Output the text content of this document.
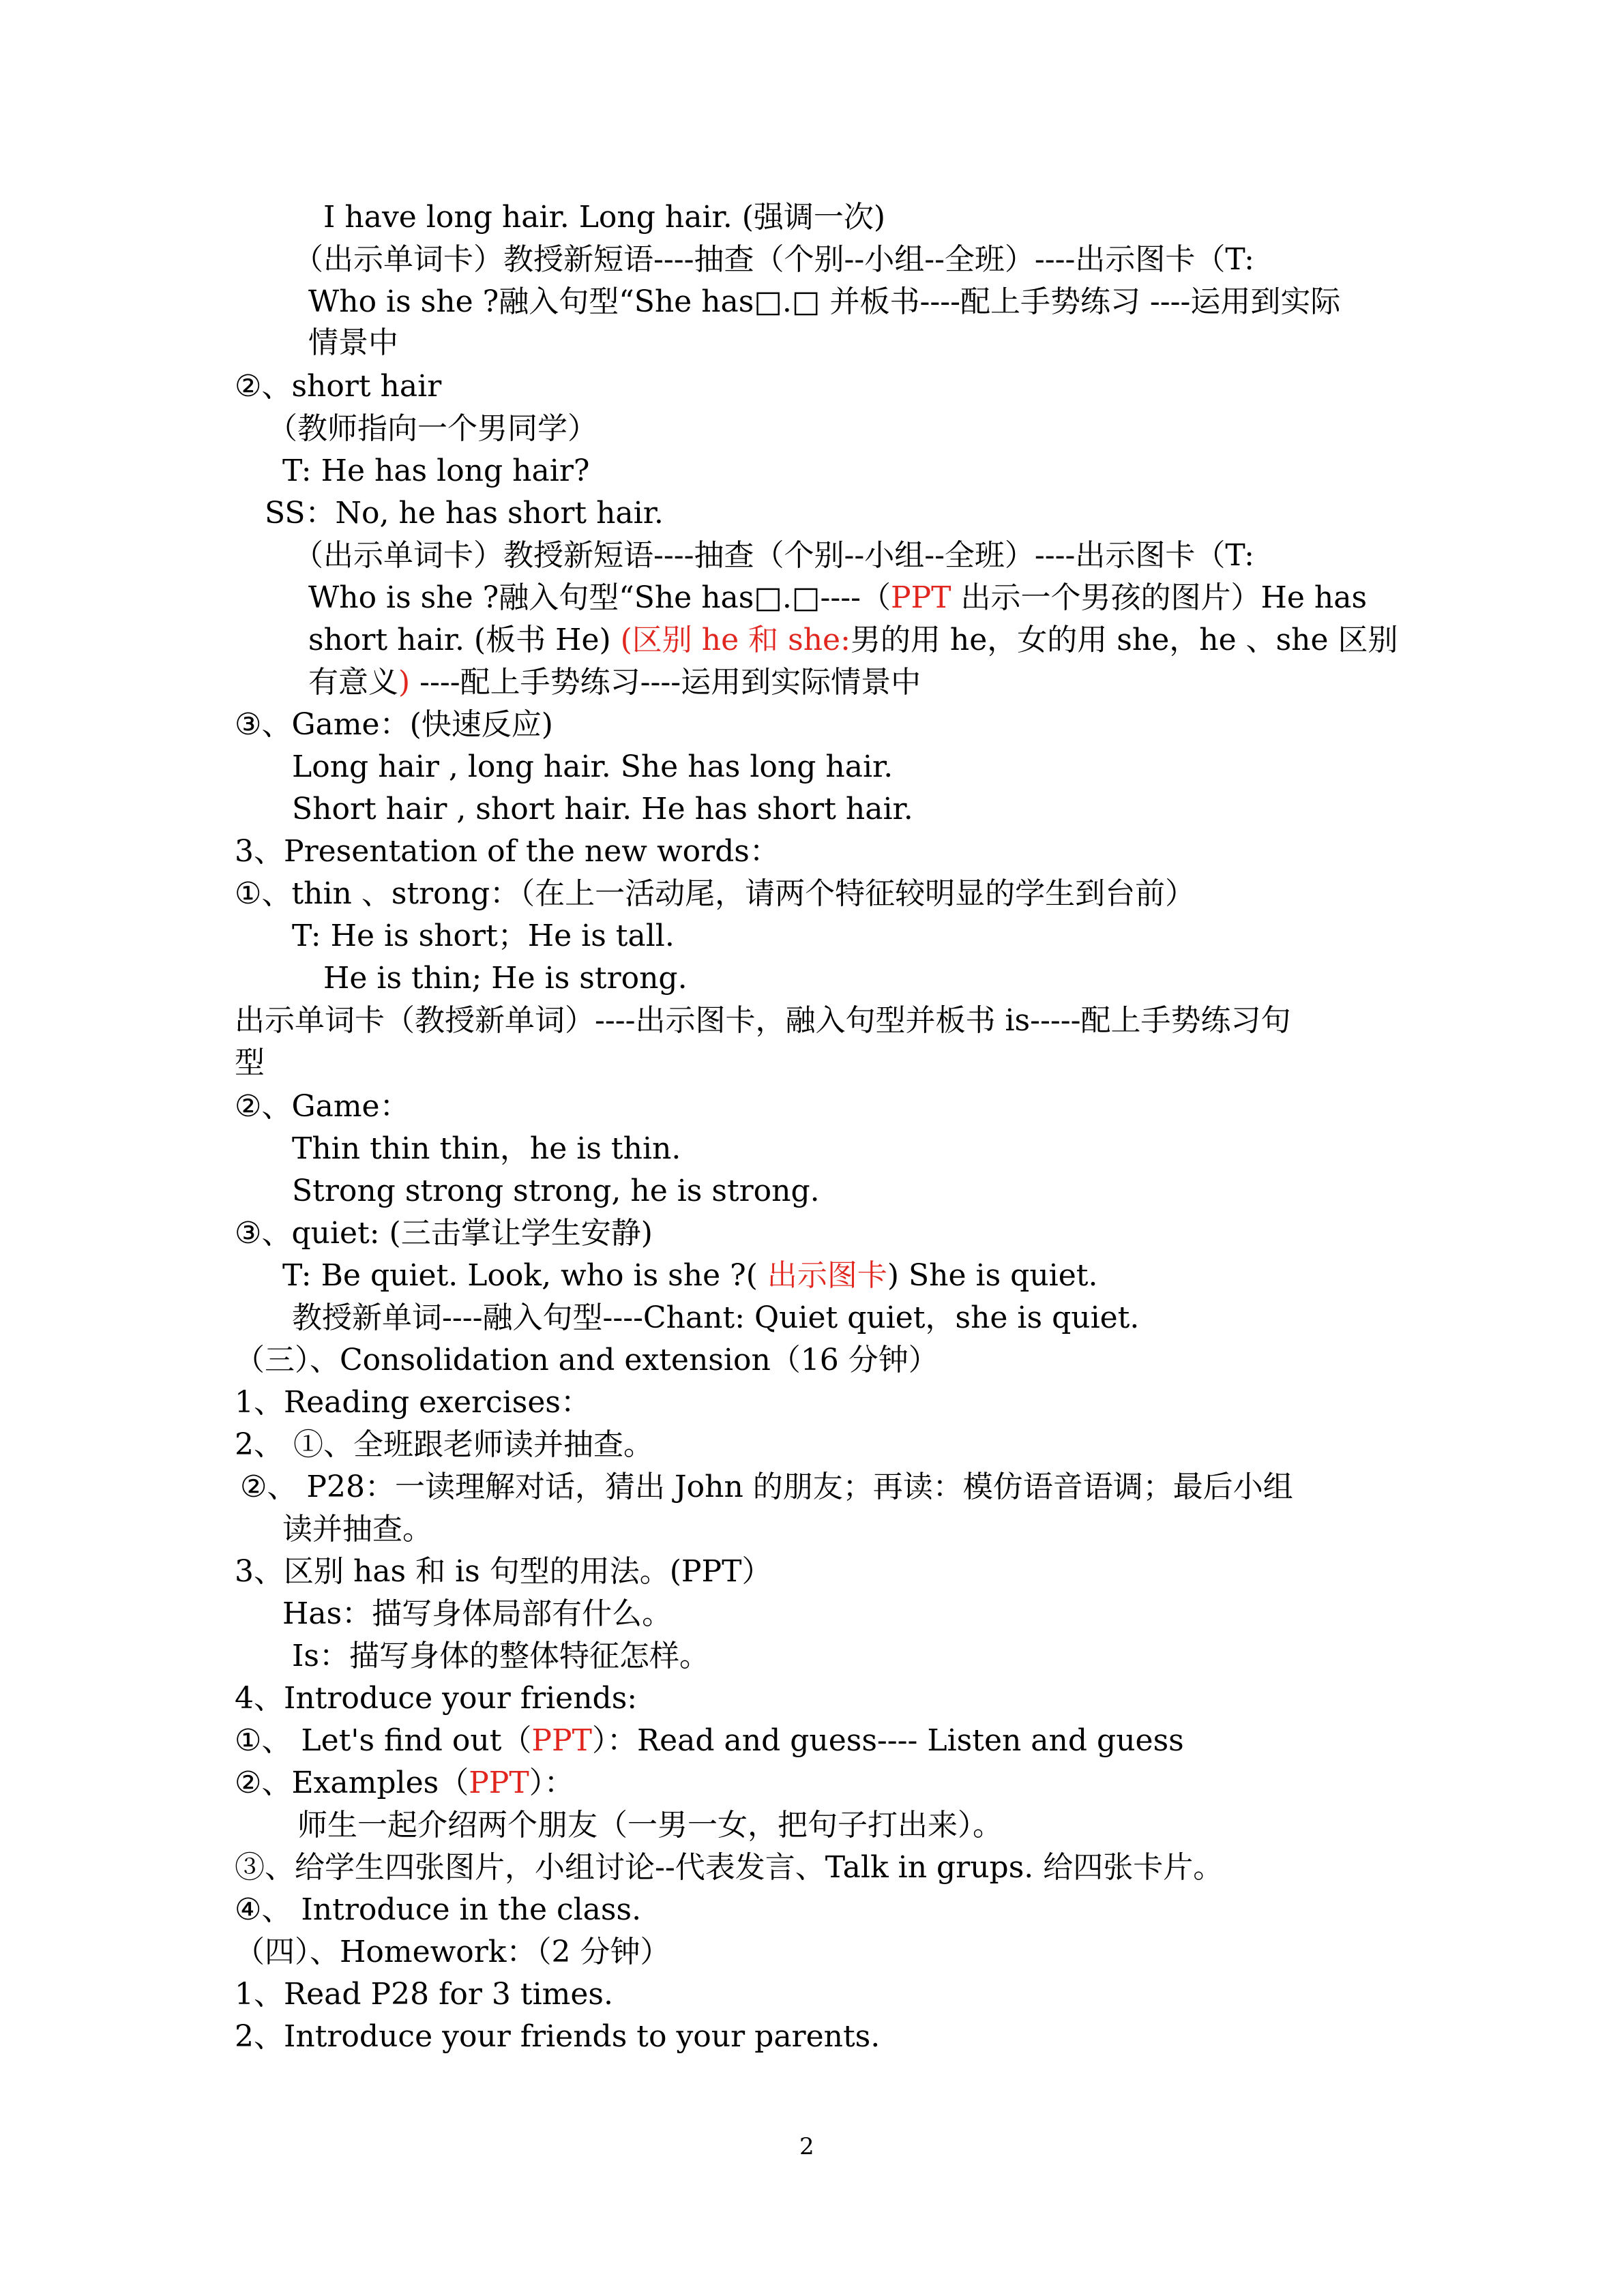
I have long hair. Long hair. (强调一次)
（出示单词卡）教授新短语----抽查（个别--小组--全班）----出示图卡（T:
Who is she ?融入句型“She has□.□ 并板书----配上手势练习 ----运用到实际
情景中
②、short hair
（教师指向一个男同学）
T: He has long hair?
SS：No, he has short hair.
（出示单词卡）教授新短语----抽查（个别--小组--全班）----出示图卡（T:
Who is she ?融入句型“She has□.□----（PPT 出示一个男孩的图片）He has
short hair. (板书 He) (区别 he 和 she:男的用 he，女的用 she，he 、she 区别
有意义) ----配上手势练习----运用到实际情景中
③、Game：(快速反应)
Long hair , long hair. She has long hair.
Short hair , short hair. He has short hair.
3、Presentation of the new words：
①、thin 、strong：（在上一活动尾，请两个特征较明显的学生到台前）
T: He is short；He is tall.
He is thin; He is strong.
出示单词卡（教授新单词）----出示图卡，融入句型并板书 is-----配上手势练习句
型
②、Game：
Thin thin thin，he is thin.
Strong strong strong, he is strong.
③、quiet: (三击掌让学生安静)
T: Be quiet. Look, who is she ?( 出示图卡) She is quiet.
教授新单词----融入句型----Chant: Quiet quiet，she is quiet.
（三）、Consolidation and extension（16 分钟）
1、Reading exercises：
2、 ①、全班跟老师读并抽查。
②、 P28：一读理解对话，猜出 John 的朋友；再读：模仿语音语调；最后小组
读并抽查。
3、区别 has 和 is 句型的用法。(PPT）
Has：描写身体局部有什么。
Is：描写身体的整体特征怎样。
4、Introduce your friends:
①、 Let's find out（PPT）：Read and guess---- Listen and guess
②、Examples（PPT）：
师生一起介绍两个朋友（一男一女，把句子打出来）。
③、给学生四张图片，小组讨论--代表发言、Talk in grups. 给四张卡片。
④、 Introduce in the class.
（四）、Homework：（2 分钟）
1、Read P28 for 3 times.
2、Introduce your friends to your parents.
2
